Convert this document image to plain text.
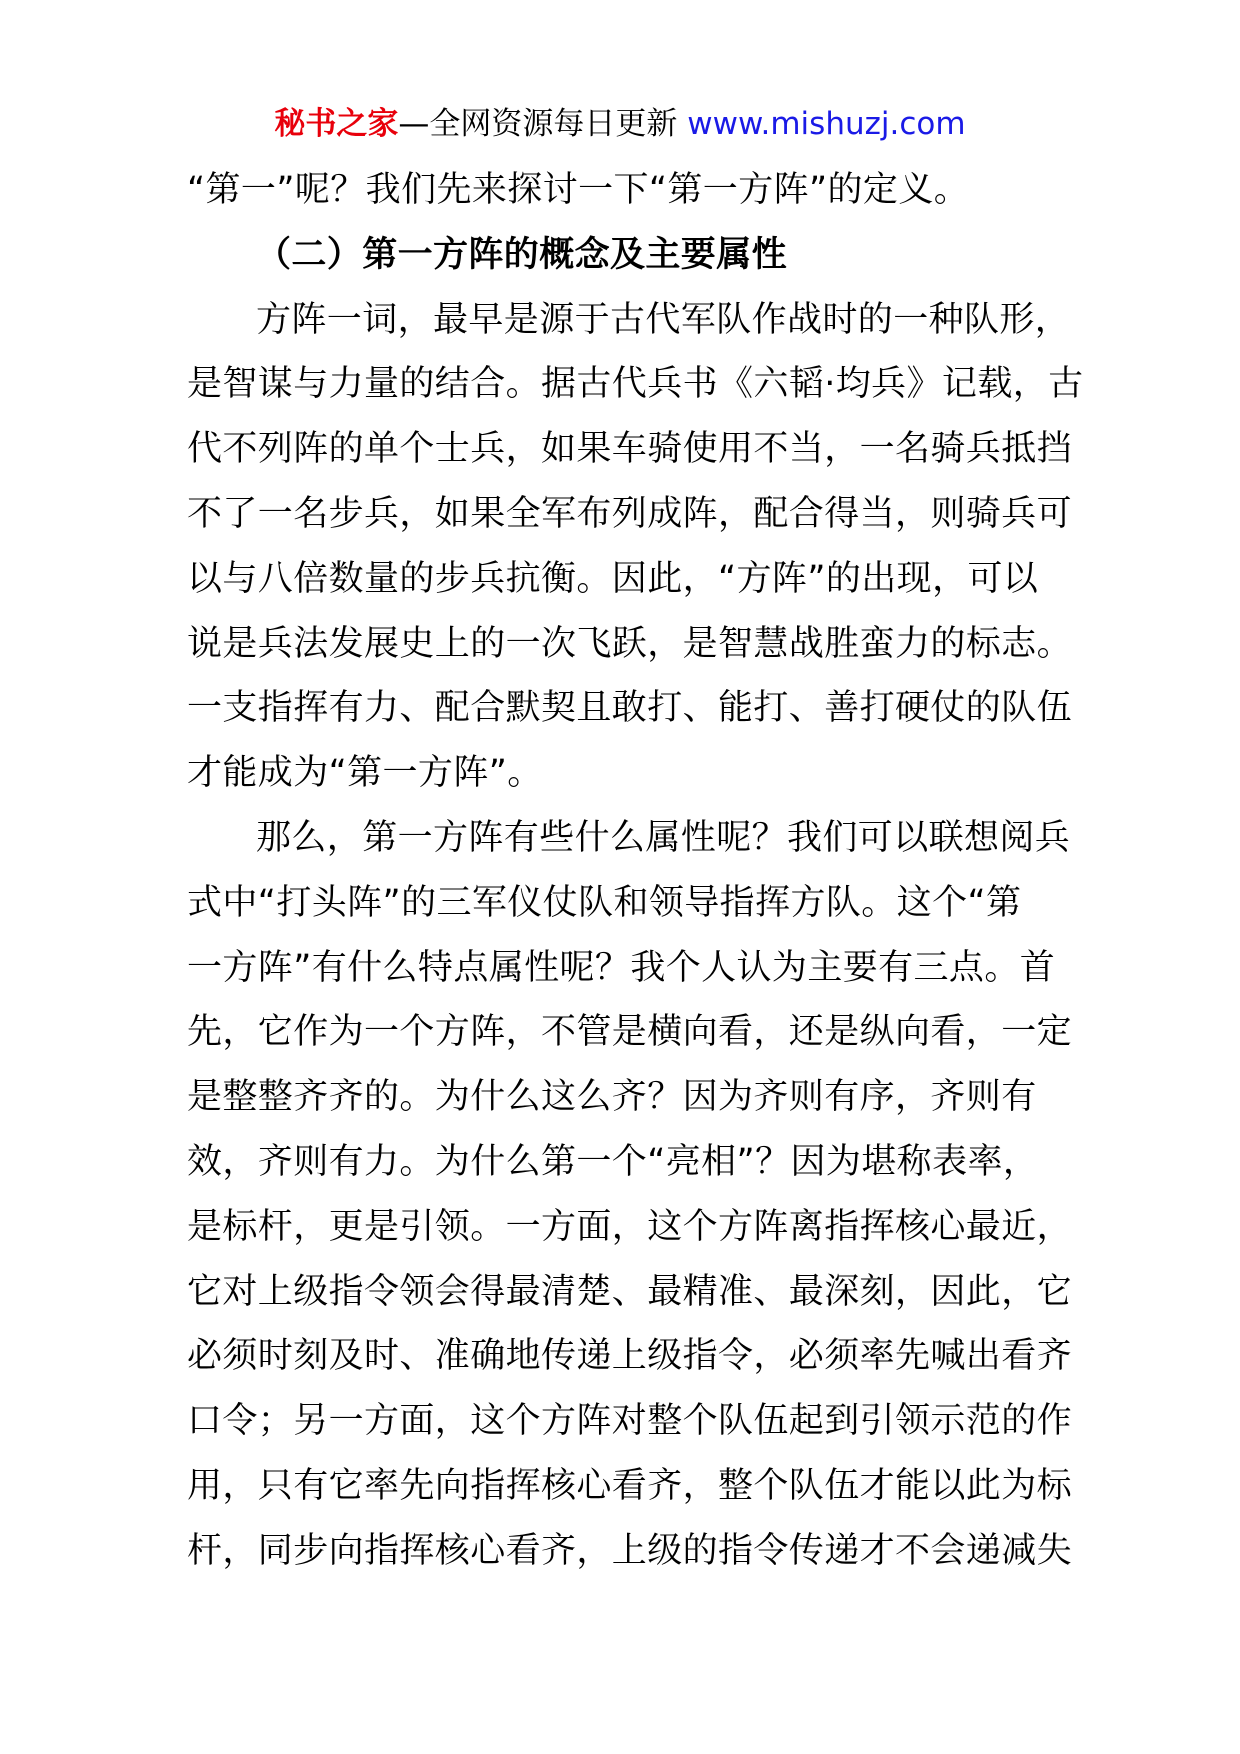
秘书之家—全网资源每日更新 www.mishuzj.com
“第一”呢？我们先来探讨一下“第一方阵”的定义。
（二）第一方阵的概念及主要属性
方阵一词，最早是源于古代军队作战时的一种队形，
是智谋与力量的结合。据古代兵书《六韬·均兵》记载，古
代不列阵的单个士兵，如果车骑使用不当，一名骑兵抵挡
不了一名步兵，如果全军布列成阵，配合得当，则骑兵可
以与八倍数量的步兵抗衡。因此，“方阵”的出现，可以
说是兵法发展史上的一次飞跃，是智慧战胜蛮力的标志。
一支指挥有力、配合默契且敢打、能打、善打硬仗的队伍
才能成为“第一方阵”。
那么，第一方阵有些什么属性呢？我们可以联想阅兵
式中“打头阵”的三军仪仗队和领导指挥方队。这个“第
一方阵”有什么特点属性呢？我个人认为主要有三点。首
先，它作为一个方阵，不管是横向看，还是纵向看，一定
是整整齐齐的。为什么这么齐？因为齐则有序，齐则有
效，齐则有力。为什么第一个“亮相”？因为堪称表率，
是标杆，更是引领。一方面，这个方阵离指挥核心最近，
它对上级指令领会得最清楚、最精准、最深刻，因此，它
必须时刻及时、准确地传递上级指令，必须率先喊出看齐
口令；另一方面，这个方阵对整个队伍起到引领示范的作
用，只有它率先向指挥核心看齐，整个队伍才能以此为标
杆，同步向指挥核心看齐，上级的指令传递才不会递减失
